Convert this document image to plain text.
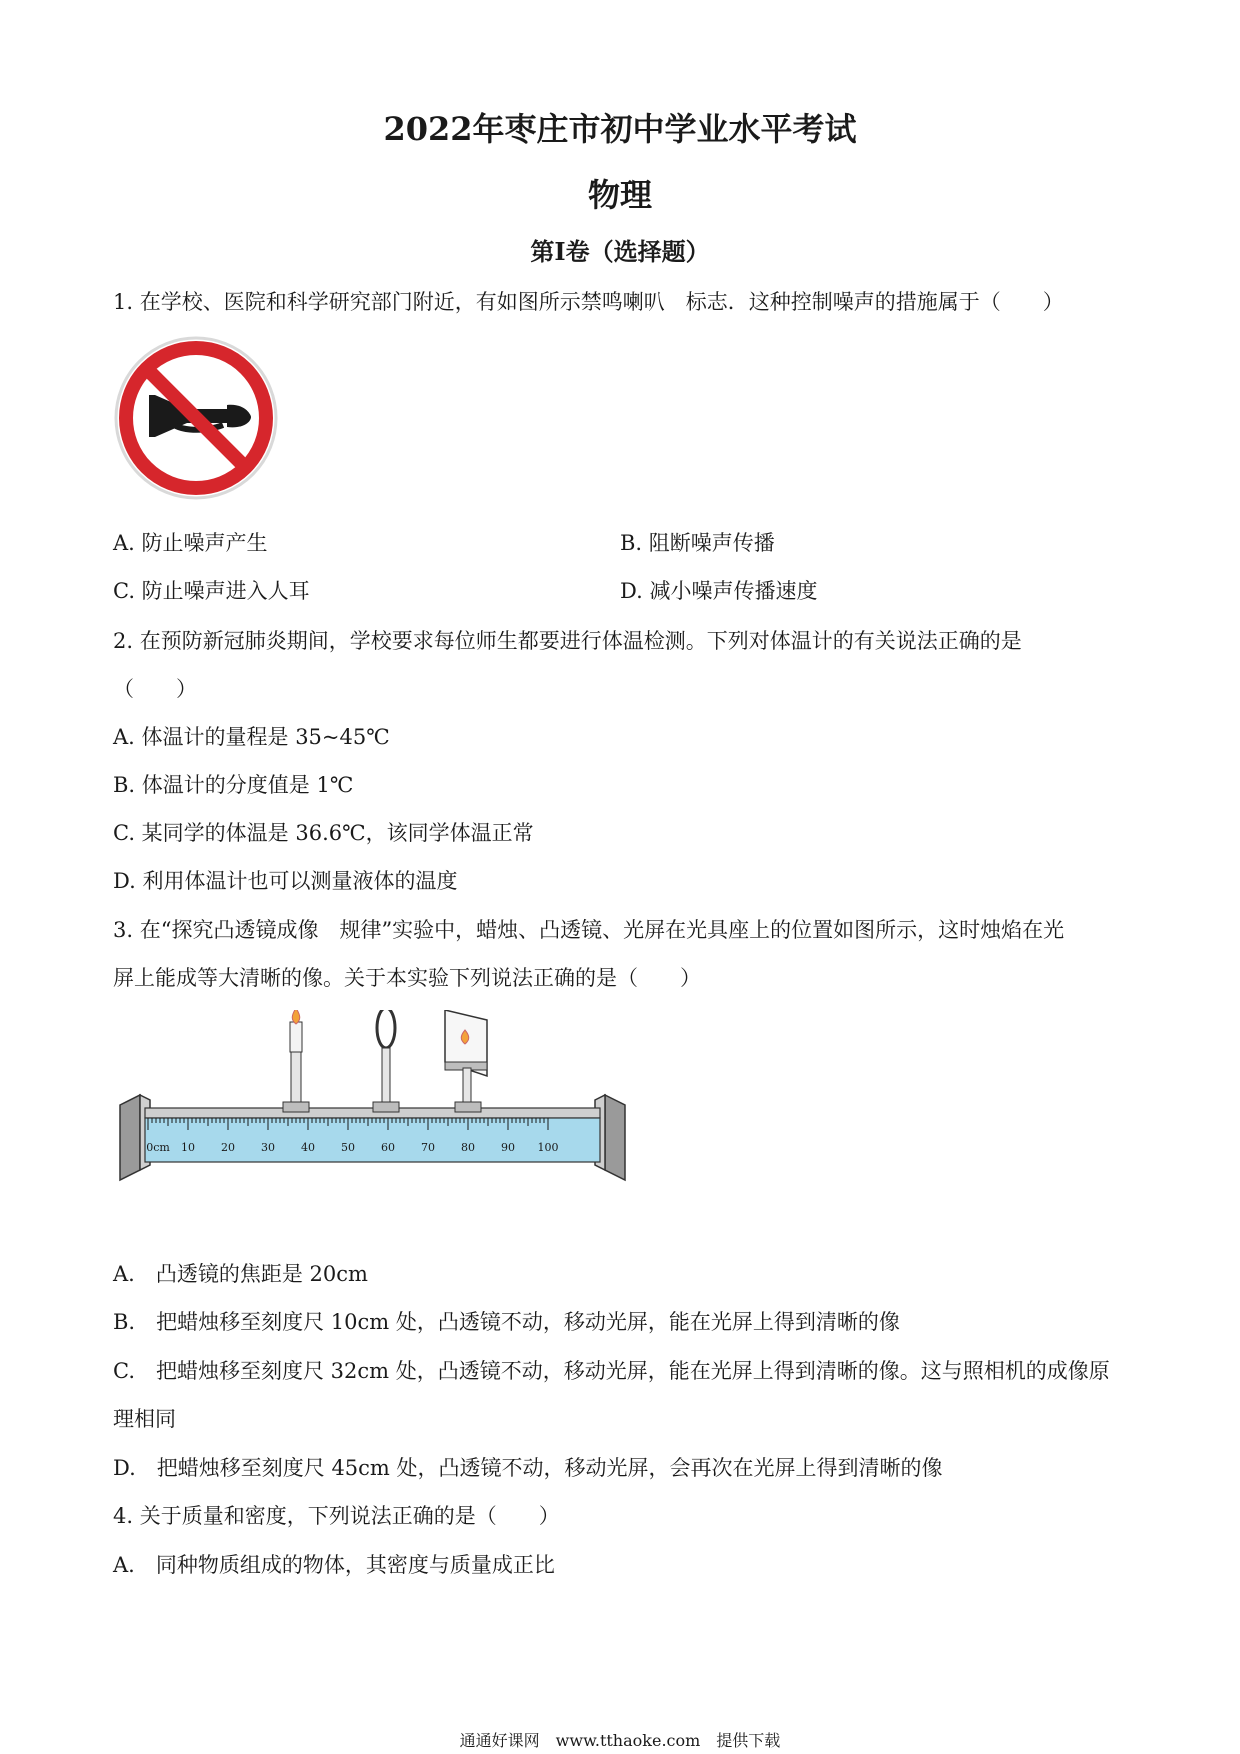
2022年枣庄市初中学业水平考试
物理
第Ⅰ卷（选择题）
1. 在学校、医院和科学研究部门附近，有如图所示禁鸣喇叭　标志．这种控制噪声的措施属于（　　）
A. 防止噪声产生	B. 阻断噪声传播
C. 防止噪声进入人耳	D. 减小噪声传播速度
2. 在预防新冠肺炎期间，学校要求每位师生都要进行体温检测。下列对体温计的有关说法正确的是
（　　）
A. 体温计的量程是 35~45℃
B. 体温计的分度值是 1℃
C. 某同学的体温是 36.6℃，该同学体温正常
D. 利用体温计也可以测量液体的温度
3. 在“探究凸透镜成像　规律”实验中，蜡烛、凸透镜、光屏在光具座上的位置如图所示，这时烛焰在光
屏上能成等大清晰的像。关于本实验下列说法正确的是（　　）
0cm 10 20 30 40 50 60 70 80 90 100
A.　凸透镜的焦距是 20cm
B.　把蜡烛移至刻度尺 10cm 处，凸透镜不动，移动光屏，能在光屏上得到清晰的像
C.　把蜡烛移至刻度尺 32cm 处，凸透镜不动，移动光屏，能在光屏上得到清晰的像。这与照相机的成像原
理相同
D.　把蜡烛移至刻度尺 45cm 处，凸透镜不动，移动光屏，会再次在光屏上得到清晰的像
4. 关于质量和密度，下列说法正确的是（　　）
A.　同种物质组成的物体，其密度与质量成正比
通通好课网　www.tthaoke.com　提供下载
